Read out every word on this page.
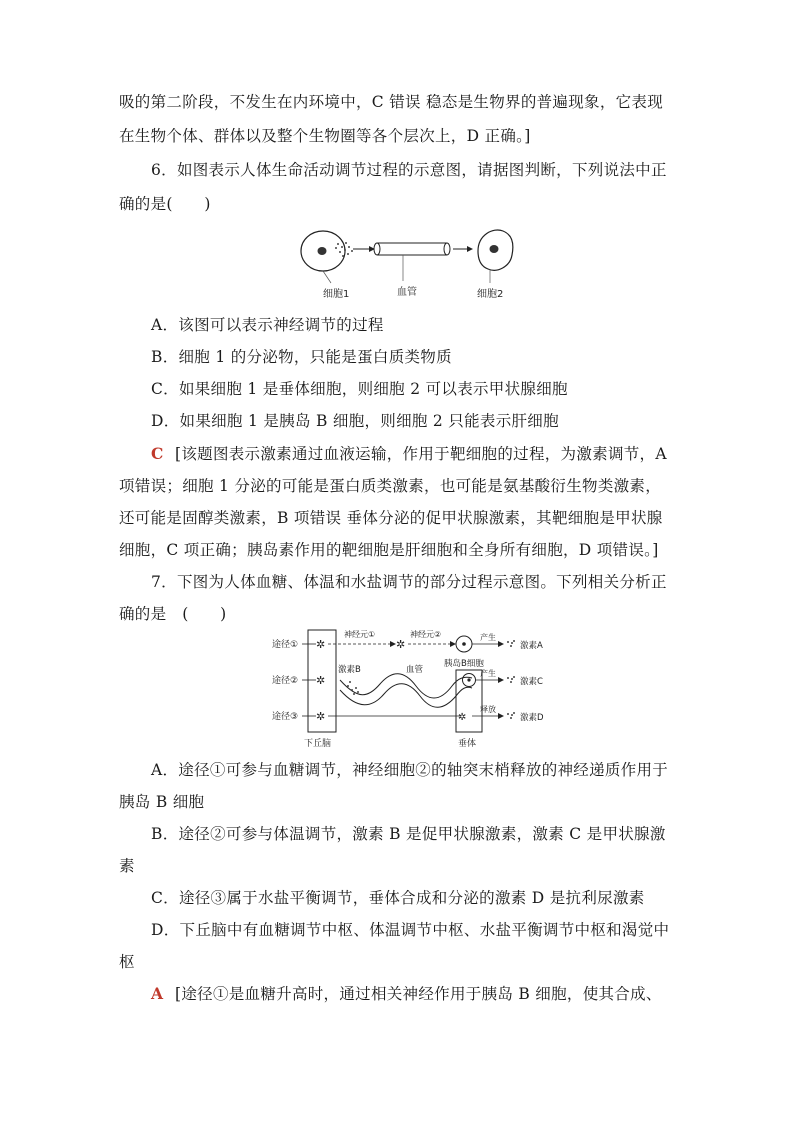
吸的第二阶段，不发生在内环境中，C 错误 稳态是生物界的普遍现象，它表现
在生物个体、群体以及整个生物圈等各个层次上，D 正确。]
6．如图表示人体生命活动调节过程的示意图，请据图判断，下列说法中正
确的是(　　)
细胞1	血管	细胞2
A．该图可以表示神经调节的过程
B．细胞 1 的分泌物，只能是蛋白质类物质
C．如果细胞 1 是垂体细胞，则细胞 2 可以表示甲状腺细胞
D．如果细胞 1 是胰岛 B 细胞，则细胞 2 只能表示肝细胞
C [该题图表示激素通过血液运输，作用于靶细胞的过程，为激素调节，A
项错误；细胞 1 分泌的可能是蛋白质类激素，也可能是氨基酸衍生物类激素，
还可能是固醇类激素，B 项错误 垂体分泌的促甲状腺激素，其靶细胞是甲状腺
细胞，C 项正确；胰岛素作用的靶细胞是肝细胞和全身所有细胞，D 项错误。]
7．下图为人体血糖、体温和水盐调节的部分过程示意图。下列相关分析正
确的是　(　　)
途径①
途径②
途径③
✲
✲
✲
✲
神经元①	神经元②	产生
激素A
激素B	血管
胰岛B细胞
产生
激素C
✲
释放
激素D
下丘脑	垂体
A．途径①可参与血糖调节，神经细胞②的轴突末梢释放的神经递质作用于
胰岛 B 细胞
B．途径②可参与体温调节，激素 B 是促甲状腺激素，激素 C 是甲状腺激
素
C．途径③属于水盐平衡调节，垂体合成和分泌的激素 D 是抗利尿激素
D．下丘脑中有血糖调节中枢、体温调节中枢、水盐平衡调节中枢和渴觉中
枢
A [途径①是血糖升高时，通过相关神经作用于胰岛 B 细胞，使其合成、
